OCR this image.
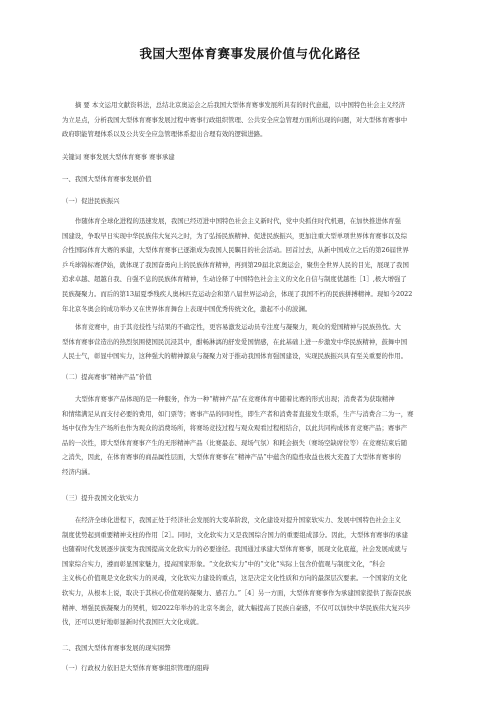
我国大型体育赛事发展价值与优化路径
摘 要 本文运用文献资料法，总结北京奥运会之后我国大型体育赛事发展所具有的时代意蕴，以中国特色社会主义经济
为立足点，分析我国大型体育赛事发展过程中赛事行政组织管理、公共安全应急管理方面所出现的问题，对大型体育赛事中
政府职能管理体系以及公共安全应急管理体系提出合理有效的逻辑进路。
关键词 赛事发展大型体育赛事 赛事承建
一、我国大型体育赛事发展价值
（一）促进民族振兴
作随体育全球化进程的迅速发展，我国已经迈进中国特色社会主义新时代，党中央抓住时代机遇，在加快推进体育强
国建设，争取早日实现中华民族伟大复兴之时，为了弘扬民族精神、促进民族振兴，更加注重大型单项世界体育赛事以及综
合性国际体育大赛的承建，大型体育赛事已逐渐成为我国人民瞩目的社会活动。回首过去，从新中国成立之后的第26届世界
乒乓球锦标赛伊始，就体现了我国奋勇向上的民族体育精神，再到第29届北京奥运会，聚焦全世界人民的目光，展现了我国
追求卓越、超越自我、自强不息的民族体育精神，生动诠释了中国特色社会主义的文化自信与制度优越性［1］,极大增强了
民族凝聚力。而后的第13届夏季残疾人奥林匹克运动会和第八届世界运动会，体现了我国不朽的民族拼搏精神。现如今2022
年北京冬奥会的成功举办又在世界体育舞台上表现中国优秀传统文化，激起不小的波澜。
体育竞赛中，由于其竞技性与结果的不确定性，更容易激发运动员专注度与凝聚力，观众的爱国精神与民族热忱。大
型体育赛事营造出的热烈氛围使国民沉浸其中，酣畅淋漓的舒发爱国情感，在此基础上进一步激发中华民族精神，鼓舞中国
人民士气，彰显中国实力，这种强大的精神源泉与凝聚力对于推动我国体育强国建设，实现民族振兴具有至关重要的作用。
（二）提高赛事“精神产品”价值
大型体育赛事产品体现的是一种服务，作为一种“精神产品”在竞赛体育中随着比赛的形式出现；消费者为获取精神
和情绪满足从而支付必要的费用，如门票等；赛事产品的同时性，即生产者和消费者直接发生联系，生产与消费合二为一，赛
场中仅作为生产场所也作为观众的消费场所，将赛场竞技过程与观众观看过程相结合，以此共同构成体育竞赛产品；赛事产
品的一次性，即大型体育赛事产生的无形精神产品（比赛最态、现场气氛）和耗会损失（赛场空缺席位等）在竞赛结束后随
之消失，因此，在体育赛事的商品属性层面，大型体育赛事在“精神产品”中蕴含的隐性收益也极大充盈了大型体育赛事的
经济内涵。
（三）提升我国文化软实力
在经济全球化进程下，我国正处于经济社会发展的大变革阶段，文化建设对提升国家软实力、发展中国特色社会主义
制度优势起到重要精神支柱的作用［2］。同时，文化软实力又是我国综合国力的重要组成部分。因此，大型体育赛事的承建
也随着时代发展逐步演变为我国提高文化软实力的必要途径。我国通过承建大型体育赛事，展现文化底蕴，社会发展成就与
国家综合实力，遵而彰显国家魅力，提高国家形象。“文化软实力”中的“文化”实际上包含价值观与制度文化，“科会
主义核心价值观是文化软实力的灵魂，文化软实力建设的重点，这是决定文化性质和方向的最深层次要素。一个国家的文化
软实力，从根本上说，取决于其核心价值观的凝聚力、感召力。”［4］另一方面，大型体育赛事作为承建国家提供了振奋民族
精神、增强民族凝聚力的契机，如2022年举办的北京冬奥会，就大幅提高了民族自豪感，不仅可以加快中华民族伟大复兴步
伐，还可以更好地彰显新时代我国巨大文化成就。
二、我国大型体育赛事发展的现实困弊
（一）行政权力依旧是大型体育赛事组织管理的阻碍
